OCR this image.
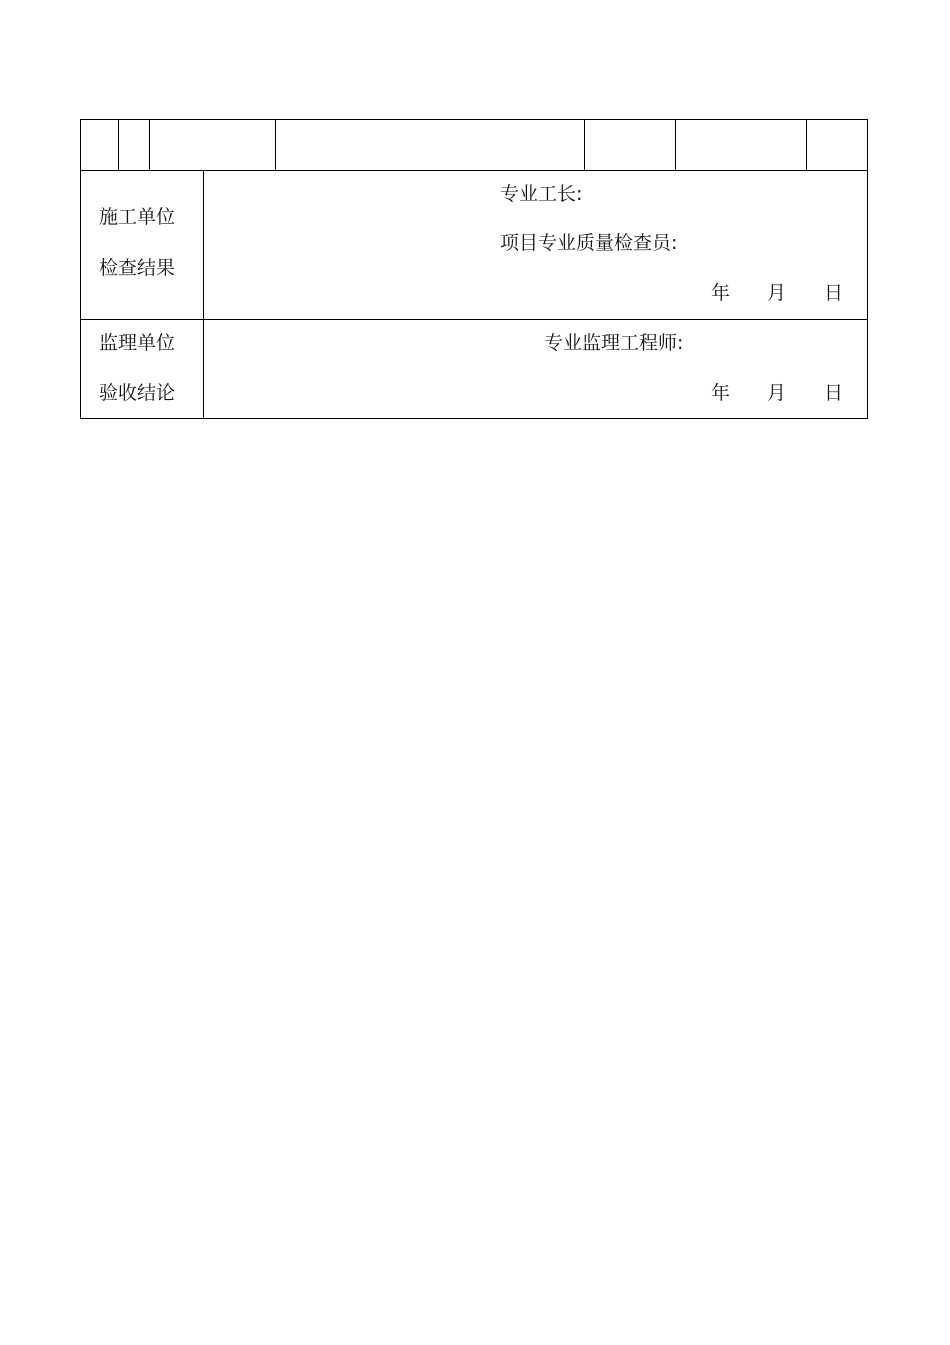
施工单位
检查结果
专业工长:
项目专业质量检查员:
年 月 日
监理单位
验收结论
专业监理工程师:
年 月 日
